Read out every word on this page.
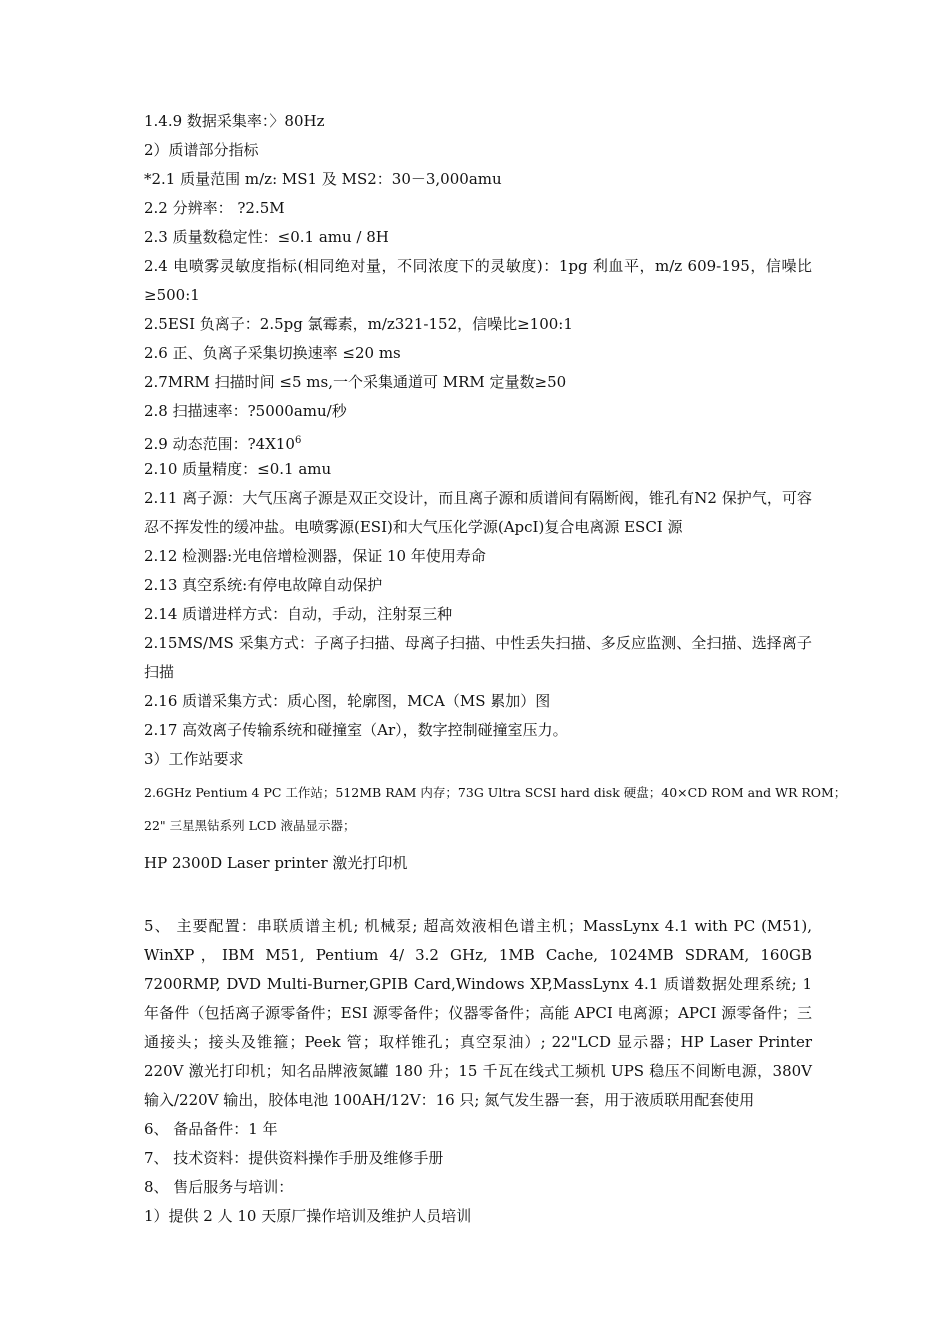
1.4.9 数据采集率：〉80Hz

2）质谱部分指标

*2.1 质量范围 m/z: MS1 及 MS2：30－3,000amu

2.2 分辨率： ?2.5M

2.3 质量数稳定性：≤0.1 amu / 8H

2.4 电喷雾灵敏度指标(相同绝对量，不同浓度下的灵敏度)：1pg 利血平，m/z 609-195，信噪比≥500:1

2.5ESI 负离子：2.5pg 氯霉素，m/z321-152，信噪比≥100:1

2.6 正、负离子采集切换速率 ≤20 ms

2.7MRM 扫描时间 ≤5 ms,一个采集通道可 MRM 定量数≥50

2.8 扫描速率：?5000amu/秒

2.9 动态范围：$?4X10^6$

2.10 质量精度：≤0.1 amu

2.11 离子源：大气压离子源是双正交设计，而且离子源和质谱间有隔断阀，锥孔有N2 保护气，可容忍不挥发性的缓冲盐。电喷雾源(ESI)和大气压化学源(ApcI)复合电离源 ESCI 源

2.12 检测器:光电倍增检测器，保证 10 年使用寿命

2.13 真空系统:有停电故障自动保护

2.14 质谱进样方式：自动，手动，注射泵三种

2.15MS/MS 采集方式：子离子扫描、母离子扫描、中性丢失扫描、多反应监测、全扫描、选择离子扫描

2.16 质谱采集方式：质心图，轮廓图，MCA（MS 累加）图

2.17 高效离子传输系统和碰撞室（Ar），数字控制碰撞室压力。

3）工作站要求

2.6GHz Pentium 4 PC 工作站；512MB RAM 内存；73G Ultra SCSI hard disk 硬盘；40×CD ROM and WR ROM；

22" 三星黑钻系列 LCD 液晶显示器；

HP 2300D Laser printer 激光打印机

5、 主要配置：串联质谱主机; 机械泵; 超高效液相色谱主机；MassLynx 4.1 with PC (M51), WinXP，IBM M51, Pentium 4/ 3.2 GHz, 1MB Cache, 1024MB SDRAM, 160GB 7200RMP, DVD Multi-Burner,GPIB Card,Windows XP,MassLynx 4.1 质谱数据处理系统; 1 年备件（包括离子源零备件；ESI 源零备件；仪器零备件；高能 APCI 电离源；APCI 源零备件；三通接头；接头及锥箍；Peek 管；取样锥孔；真空泵油）; 22"LCD 显示器；HP Laser Printer 220V 激光打印机；知名品牌液氮罐 180 升；15 千瓦在线式工频机 UPS 稳压不间断电源，380V 输入/220V 输出，胶体电池 100AH/12V：16 只; 氮气发生器一套，用于液质联用配套使用

6、 备品备件：1 年

7、 技术资料：提供资料操作手册及维修手册

8、 售后服务与培训：

1）提供 2 人 10 天原厂操作培训及维护人员培训
